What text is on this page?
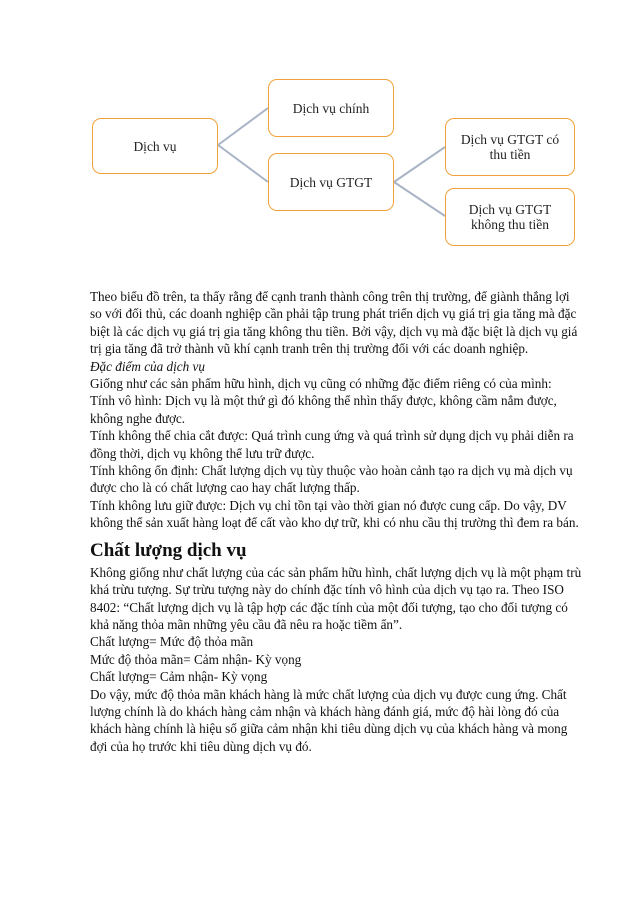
Dịch vụ
Dịch vụ chính
Dịch vụ GTGT
Dịch vụ GTGT có thu tiền
Dịch vụ GTGT không thu tiền

Theo biểu đồ trên, ta thấy rằng để cạnh tranh thành công trên thị trường, để giành thắng lợi so với đối thủ, các doanh nghiệp cần phải tập trung phát triển dịch vụ giá trị gia tăng mà đặc biệt là các dịch vụ giá trị gia tăng không thu tiền. Bởi vậy, dịch vụ mà đặc biệt là dịch vụ giá trị gia tăng đã trở thành vũ khí cạnh tranh trên thị trường đối với các doanh nghiệp.

Đặc điểm của dịch vụ

Giống như các sản phẩm hữu hình, dịch vụ cũng có những đặc điểm riêng có của mình:

Tính vô hình: Dịch vụ là một thứ gì đó không thể nhìn thấy được, không cầm nắm được, không nghe được.

Tính không thể chia cắt được: Quá trình cung ứng và quá trình sử dụng dịch vụ phải diễn ra đồng thời, dịch vụ không thể lưu trữ được.

Tính không ổn định: Chất lượng dịch vụ tùy thuộc vào hoàn cảnh tạo ra dịch vụ mà dịch vụ được cho là có chất lượng cao hay chất lượng thấp.

Tính không lưu giữ được: Dịch vụ chỉ tồn tại vào thời gian nó được cung cấp. Do vậy, DV không thể sản xuất hàng loạt để cất vào kho dự trữ, khi có nhu cầu thị trường thì đem ra bán.

Chất lượng dịch vụ

Không giống như chất lượng của các sản phẩm hữu hình, chất lượng dịch vụ là một phạm trù khá trừu tượng. Sự trừu tượng này do chính đặc tính vô hình của dịch vụ tạo ra. Theo ISO 8402: “Chất lượng dịch vụ là tập hợp các đặc tính của một đối tượng, tạo cho đối tượng có khả năng thỏa mãn những yêu cầu đã nêu ra hoặc tiềm ẩn”.

Chất lượng= Mức độ thỏa mãn

Mức độ thỏa mãn= Cảm nhận- Kỳ vọng

Chất lượng= Cảm nhận- Kỳ vọng

Do vậy, mức độ thỏa mãn khách hàng là mức chất lượng của dịch vụ được cung ứng. Chất lượng chính là do khách hàng cảm nhận và khách hàng đánh giá, mức độ hài lòng đó của khách hàng chính là hiệu số giữa cảm nhận khi tiêu dùng dịch vụ của khách hàng và mong đợi của họ trước khi tiêu dùng dịch vụ đó.
